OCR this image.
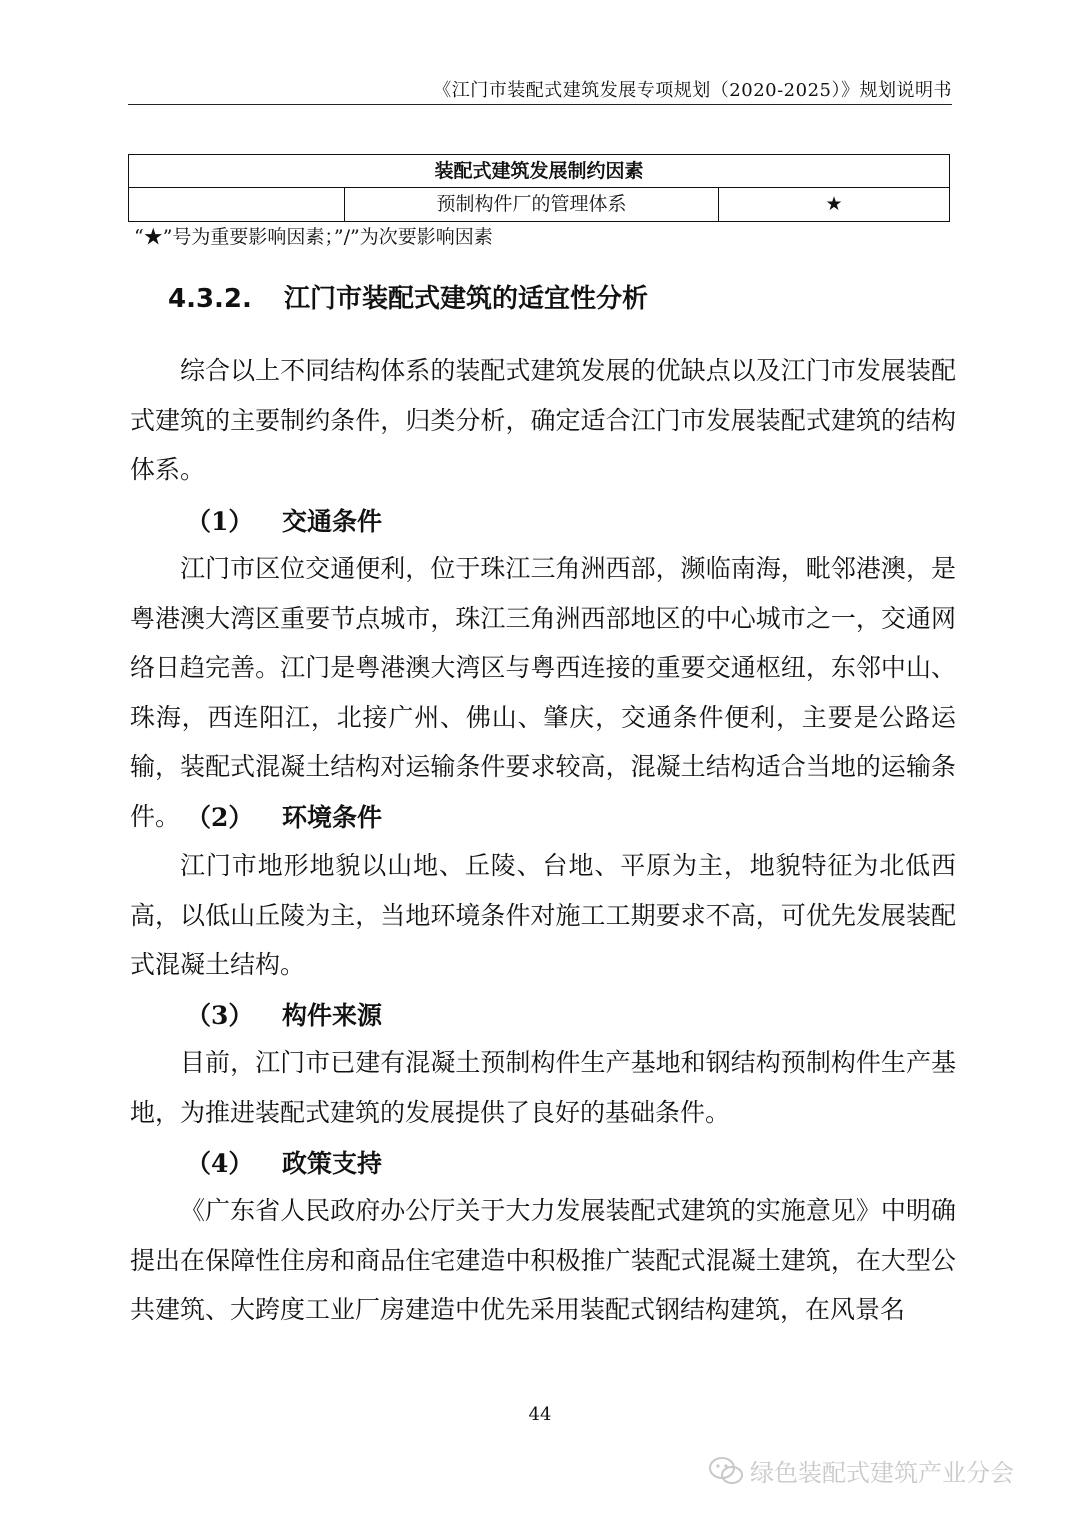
《江门市装配式建筑发展专项规划（2020-2025）》规划说明书
装配式建筑发展制约因素
预制构件厂的管理体系	★
“★”号为重要影响因素；”/”为次要影响因素
4.3.2. 江门市装配式建筑的适宜性分析
综合以上不同结构体系的装配式建筑发展的优缺点以及江门市发展装配式建筑的主要制约条件，归类分析，确定适合江门市发展装配式建筑的结构体系。
（1） 交通条件
江门市区位交通便利，位于珠江三角洲西部，濒临南海，毗邻港澳，是粤港澳大湾区重要节点城市，珠江三角洲西部地区的中心城市之一，交通网络日趋完善。江门是粤港澳大湾区与粤西连接的重要交通枢纽，东邻中山、珠海，西连阳江，北接广州、佛山、肇庆，交通条件便利，主要是公路运输，装配式混凝土结构对运输条件要求较高，混凝土结构适合当地的运输条件。 （2） 环境条件
江门市地形地貌以山地、丘陵、台地、平原为主，地貌特征为北低西高，以低山丘陵为主，当地环境条件对施工工期要求不高，可优先发展装配式混凝土结构。
（3） 构件来源
目前，江门市已建有混凝土预制构件生产基地和钢结构预制构件生产基地，为推进装配式建筑的发展提供了良好的基础条件。
（4） 政策支持
《广东省人民政府办公厅关于大力发展装配式建筑的实施意见》中明确提出在保障性住房和商品住宅建造中积极推广装配式混凝土建筑，在大型公共建筑、大跨度工业厂房建造中优先采用装配式钢结构建筑，在风景名
44
绿色装配式建筑产业分会
